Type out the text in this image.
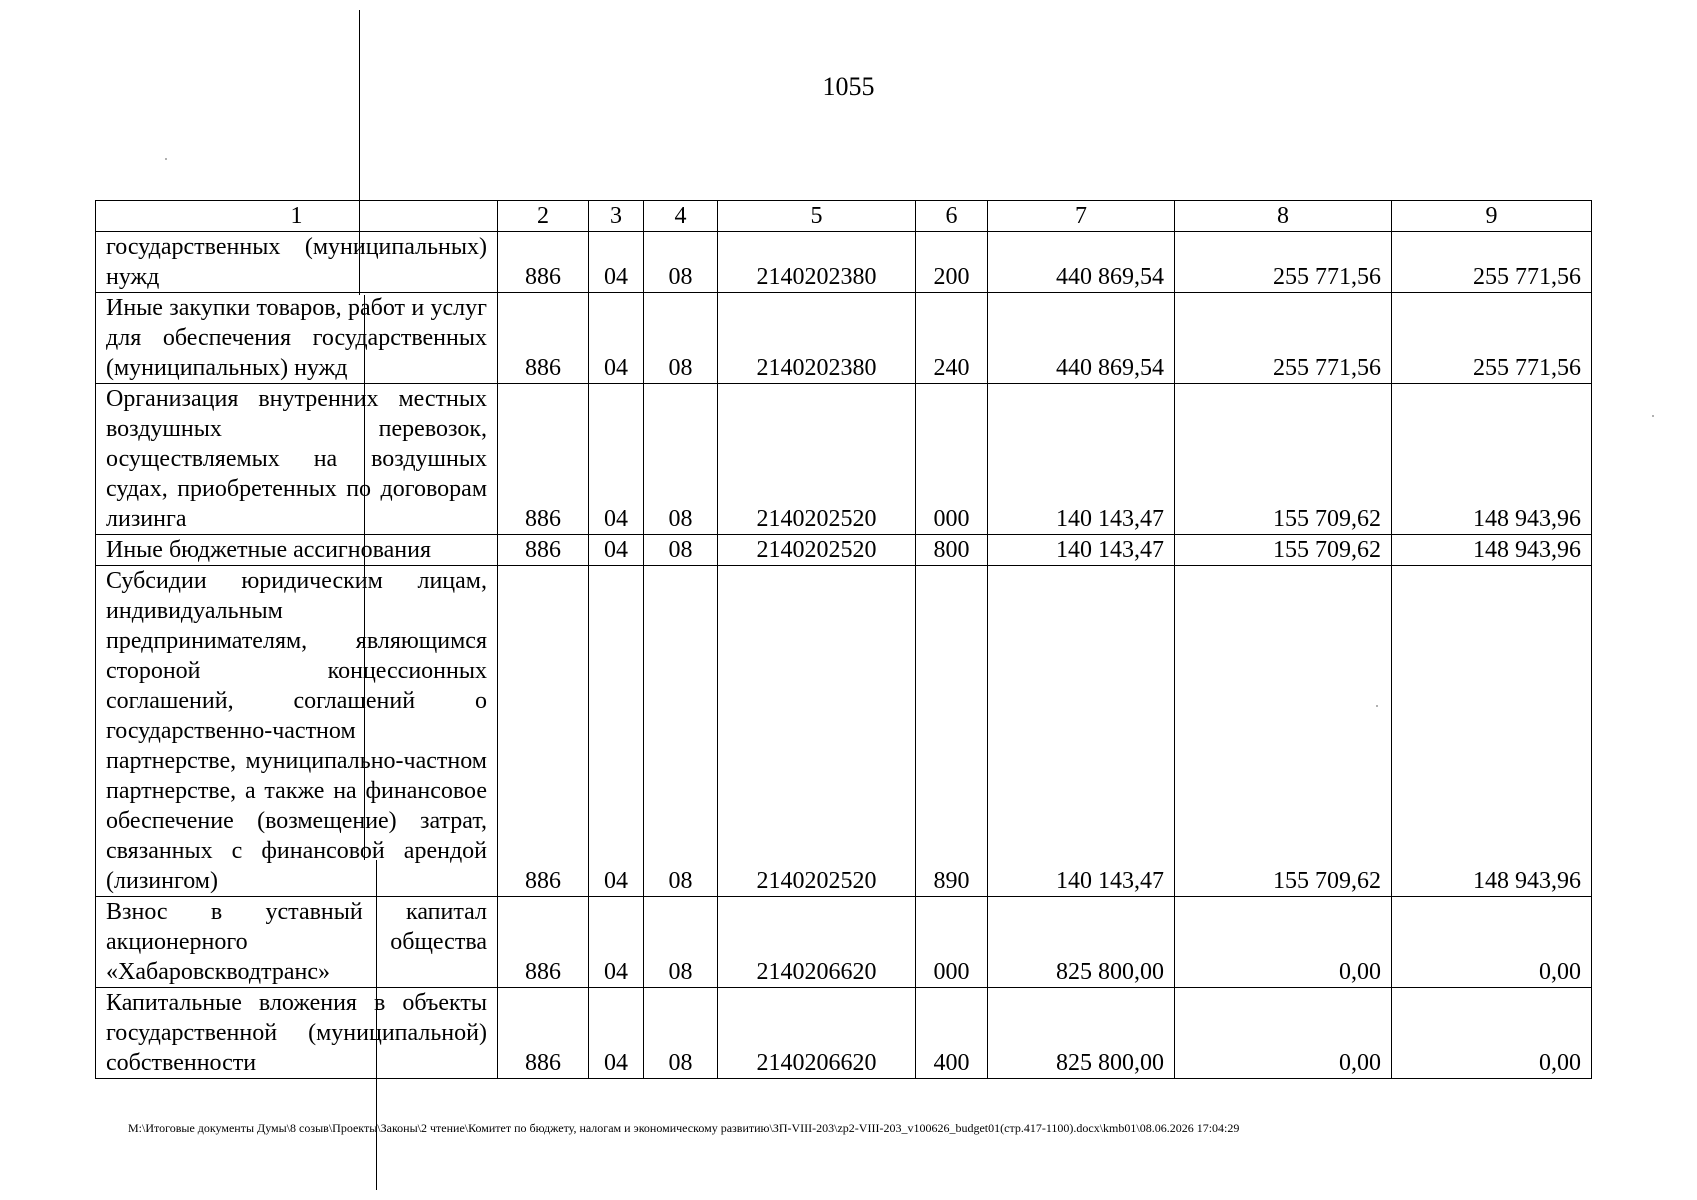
1055
1	2	3	4	5	6	7	8	9
государственных (муниципальных) нужд	886	04	08	2140202380	200	440 869,54	255 771,56	255 771,56
Иные закупки товаров, работ и услуг для обеспечения государственных (муниципальных) нужд	886	04	08	2140202380	240	440 869,54	255 771,56	255 771,56
Организация внутренних местных воздушных перевозок, осуществляемых на воздушных судах, приобретенных по договорам лизинга	886	04	08	2140202520	000	140 143,47	155 709,62	148 943,96
Иные бюджетные ассигнования	886	04	08	2140202520	800	140 143,47	155 709,62	148 943,96
Субсидии юридическим лицам, индивидуальным предпринимателям, являющимся стороной концессионных соглашений, соглашений о государственно-частном партнерстве, муниципально-частном партнерстве, а также на финансовое обеспечение (возмещение) затрат, связанных с финансовой арендой (лизингом)	886	04	08	2140202520	890	140 143,47	155 709,62	148 943,96
Взнос в уставный капитал акционерного общества «Хабаровскводтранс»	886	04	08	2140206620	000	825 800,00	0,00	0,00
Капитальные вложения в объекты государственной (муниципальной) собственности	886	04	08	2140206620	400	825 800,00	0,00	0,00
M:\Итоговые документы Думы\8 созыв\Проекты\Законы\2 чтение\Комитет по бюджету, налогам и экономическому развитию\ЗП-VIII-203\zp2-VIII-203_v100626_budget01(стр.417-1100).docx\kmb01\08.06.2026 17:04:29
